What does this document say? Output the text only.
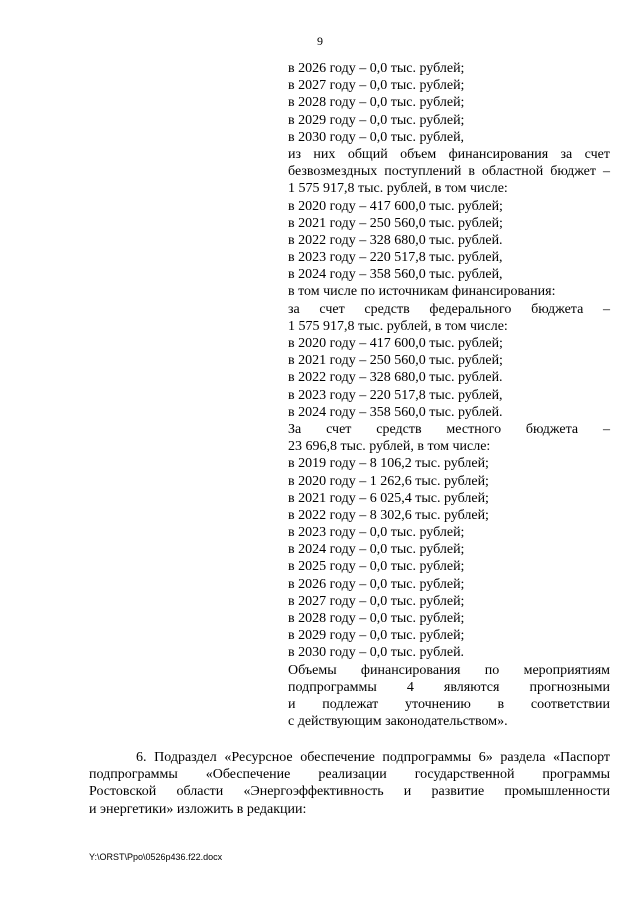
9
в 2026 году – 0,0 тыс. рублей;
в 2027 году – 0,0 тыс. рублей;
в 2028 году – 0,0 тыс. рублей;
в 2029 году – 0,0 тыс. рублей;
в 2030 году – 0,0 тыс. рублей,
из них общий объем финансирования за счет
безвозмездных поступлений в областной бюджет –
1 575 917,8 тыс. рублей, в том числе:
в 2020 году – 417 600,0 тыс. рублей;
в 2021 году – 250 560,0 тыс. рублей;
в 2022 году – 328 680,0 тыс. рублей.
в 2023 году – 220 517,8 тыс. рублей,
в 2024 году – 358 560,0 тыс. рублей,
в том числе по источникам финансирования:
за счет средств федерального бюджета –
1 575 917,8 тыс. рублей, в том числе:
в 2020 году – 417 600,0 тыс. рублей;
в 2021 году – 250 560,0 тыс. рублей;
в 2022 году – 328 680,0 тыс. рублей.
в 2023 году – 220 517,8 тыс. рублей,
в 2024 году – 358 560,0 тыс. рублей.
За счет средств местного бюджета –
23 696,8 тыс. рублей, в том числе:
в 2019 году – 8 106,2 тыс. рублей;
в 2020 году – 1 262,6 тыс. рублей;
в 2021 году – 6 025,4 тыс. рублей;
в 2022 году – 8 302,6 тыс. рублей;
в 2023 году – 0,0 тыс. рублей;
в 2024 году – 0,0 тыс. рублей;
в 2025 году – 0,0 тыс. рублей;
в 2026 году – 0,0 тыс. рублей;
в 2027 году – 0,0 тыс. рублей;
в 2028 году – 0,0 тыс. рублей;
в 2029 году – 0,0 тыс. рублей;
в 2030 году – 0,0 тыс. рублей.
Объемы финансирования по мероприятиям
подпрограммы 4 являются прогнозными
и подлежат уточнению в соответствии
с действующим законодательством».
6. Подраздел «Ресурсное обеспечение подпрограммы 6» раздела «Паспорт
подпрограммы «Обеспечение реализации государственной программы
Ростовской области «Энергоэффективность и развитие промышленности
и энергетики» изложить в редакции:
Y:\ORST\Ppo\0526p436.f22.docx
